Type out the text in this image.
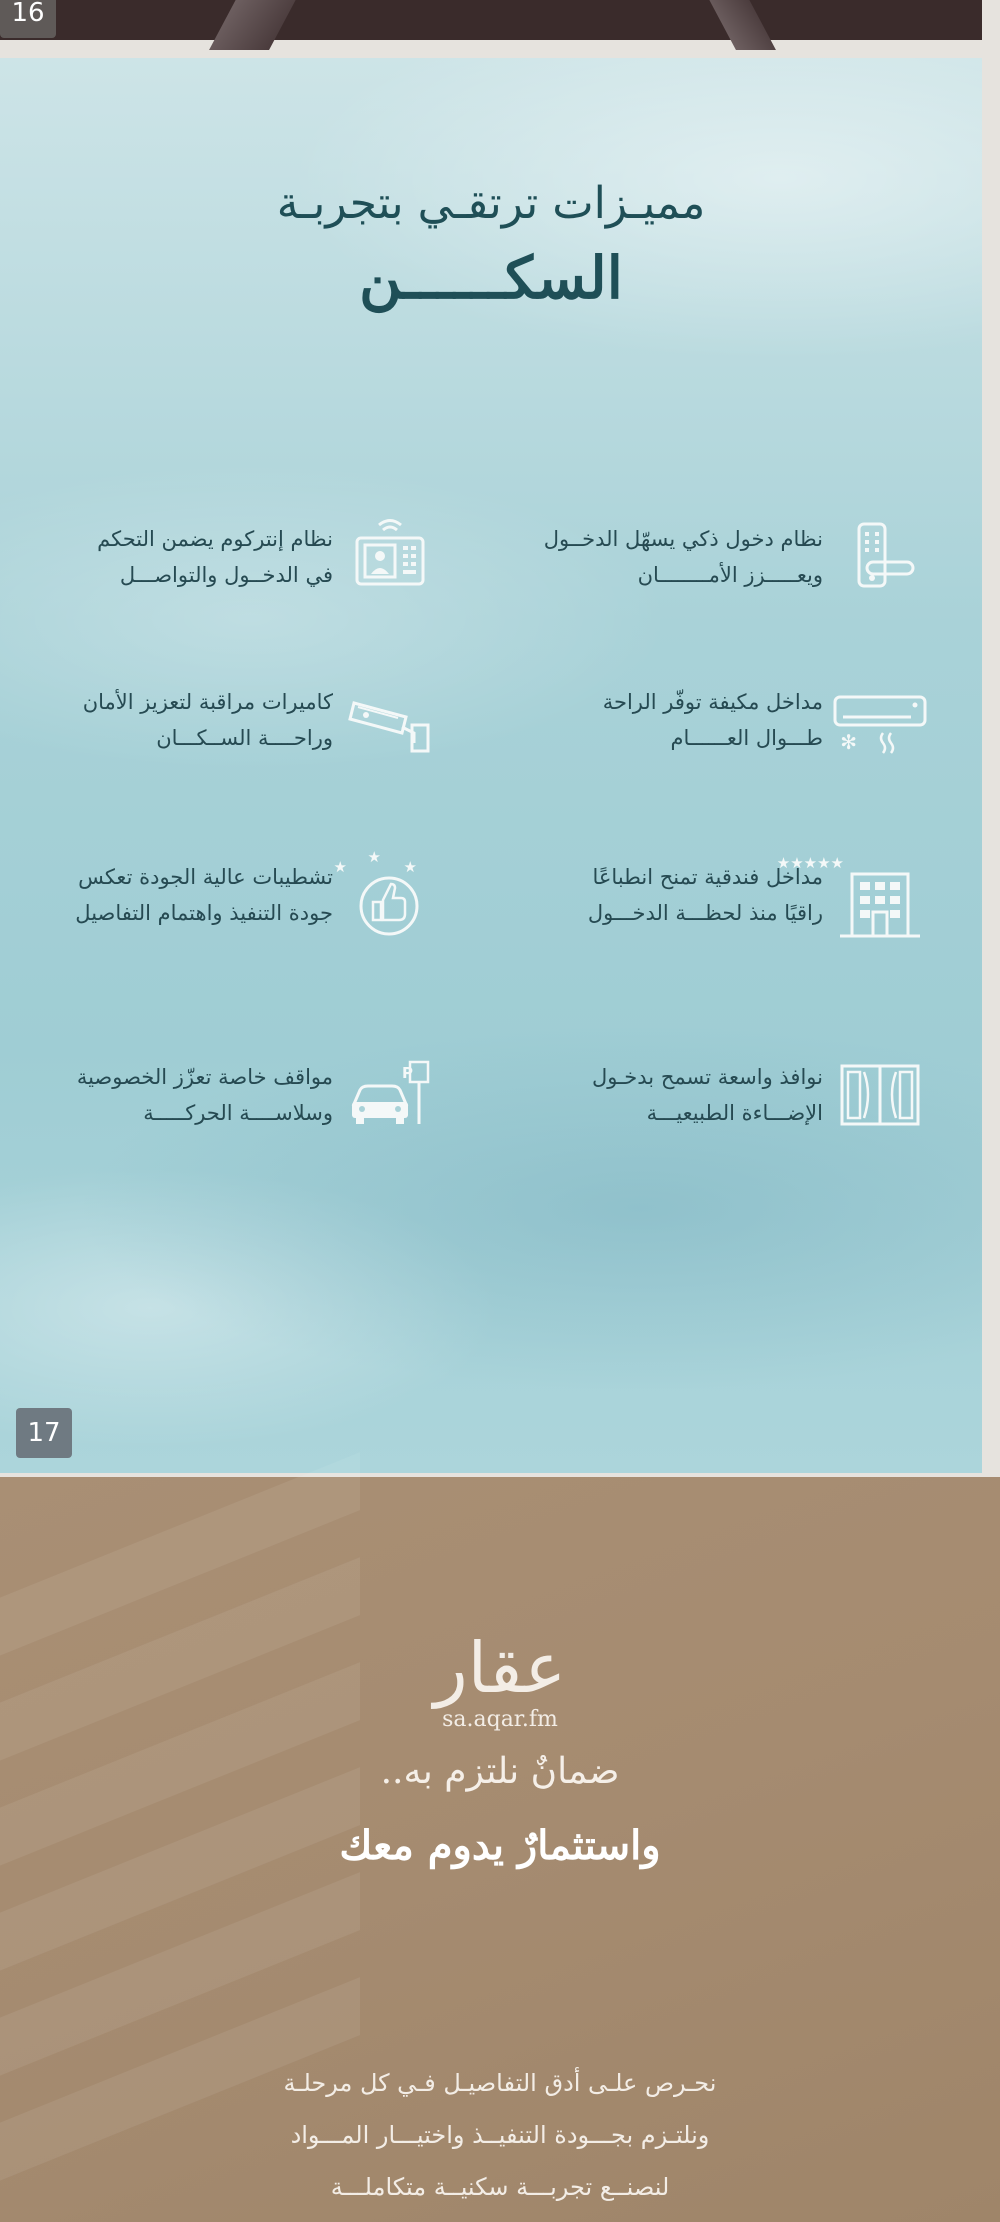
16
مميـزات ترتقـي بتجربـة
السكــــــن
نظام دخول ذكي يسهّل الدخــول
ويعـــــزز الأمــــــــان
نظام إنتركوم يضمن التحكم
في الدخــول والتواصـــل
✻
مداخل مكيفة توفّر الراحة
طـــوال العــــــام
كاميرات مراقبة لتعزيز الأمان
وراحــــة الســكـــان
★★★★★
مداخل فندقية تمنح انطباعًا
راقيًا منذ لحظـــة الدخـــول
★
★
★
تشطيبات عالية الجودة تعكس
جودة التنفيذ واهتمام التفاصيل
نوافذ واسعة تسمح بدخـول
الإضـــاءة الطبيعيـــة
P
مواقف خاصة تعزّز الخصوصية
وسلاســــة الحركـــــة
17
عقار
sa.aqar.fm
ضمانٌ نلتزم به..
واستثمارٌ يدوم معك
نحـرص علـى أدق التفاصيـل فـي كل مرحلـة
ونلتـزم بجـــودة التنفيــذ واختيـــار المـــواد
لنصنــع تجربـــة سكنيــة متكاملـــة
